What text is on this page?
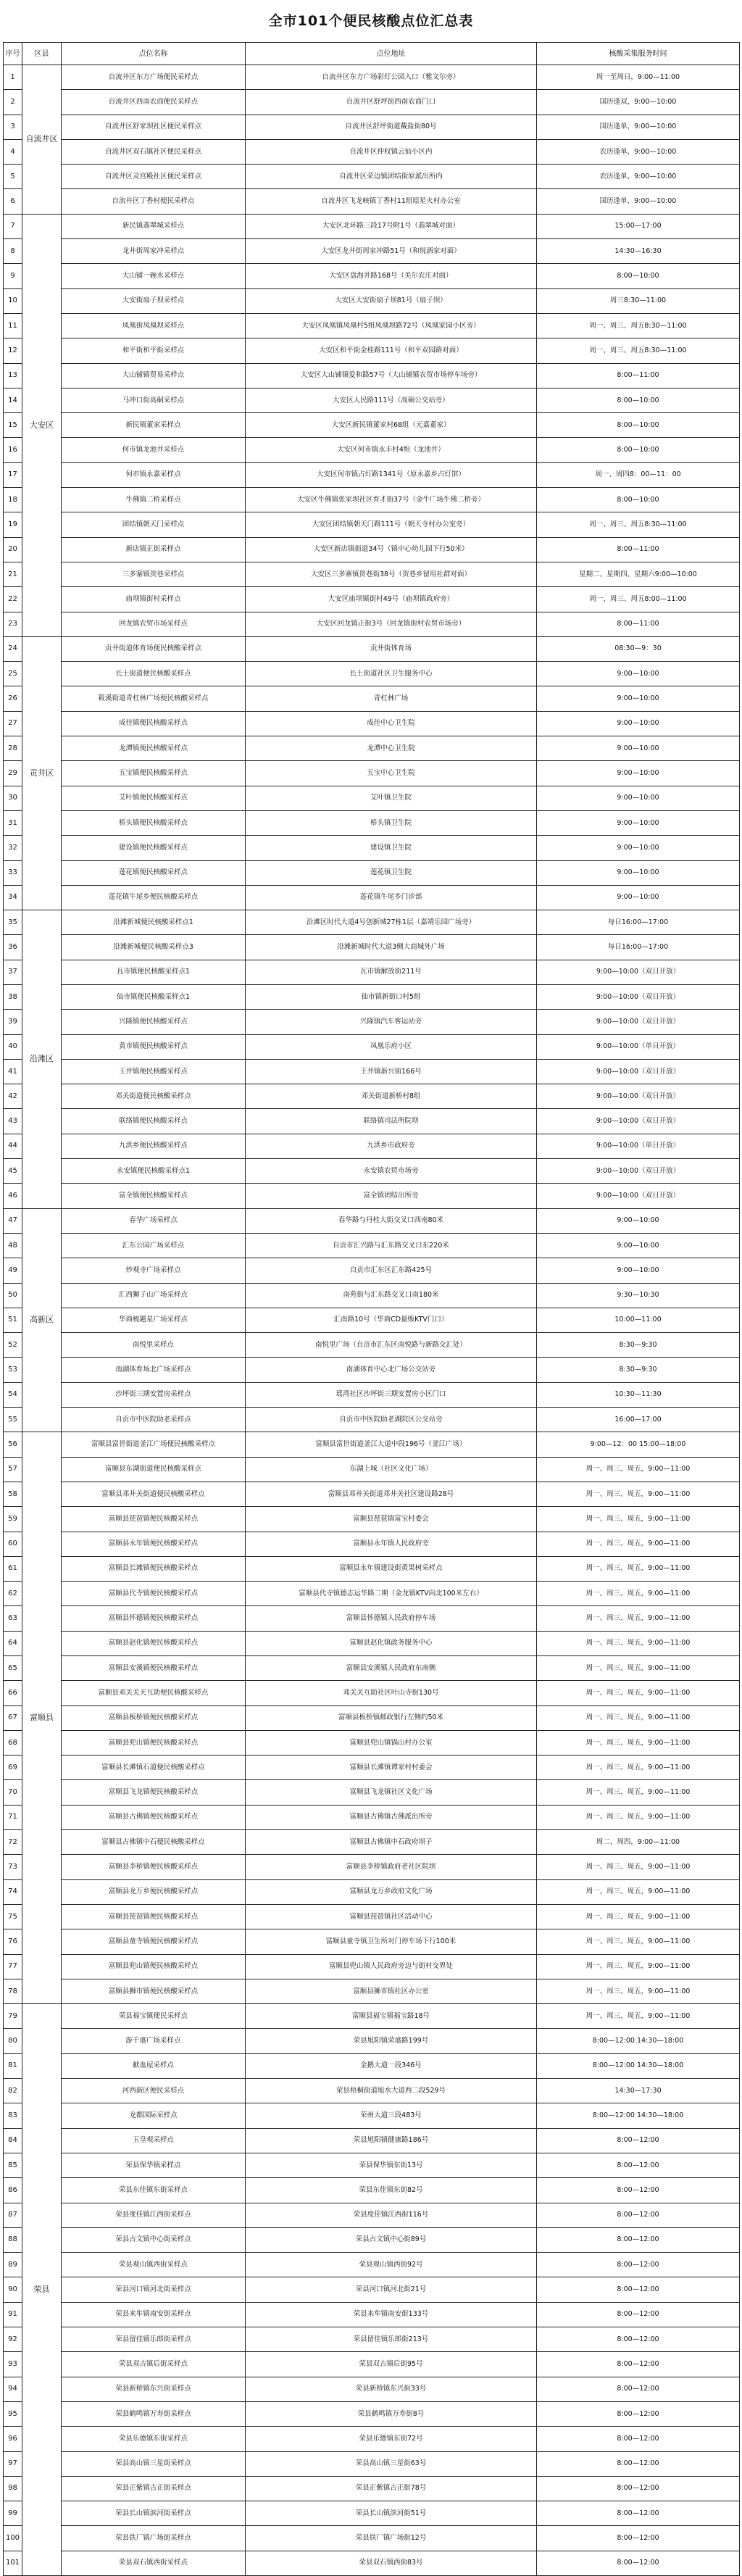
全市101个便民核酸点位汇总表
序号	区县	点位名称	点位地址	核酸采集服务时间
1	自流井区	自流井区东方广场便民采样点	自流井区东方广场彩灯公园入口（雅文尔旁）	周一至周日，9:00—11:00
2		自流井区西南农商便民采样点	自流井区舒坪街西南农商门口	国历逢双，9:00—10:00
3		自流井区舒家坝社区便民采样点	自流井区舒坪街道戴盐街80号	国历逢单，9:00—10:00
4		自流井区双石镇社区便民采样点	自流井区仲权镇云仙小区内	农历逢单，9:00—10:00
5		自流井区灵宫殿社区便民采样点	自流井区荣边镇团结街原派出所内	农历逢单，9:00—10:00
6		自流井区丁香村便民采样点	自流井区飞龙峡镇丁香村11组原星火村办公室	国历逢单，9:00—10:00
7	大安区	新民镇翡翠城采样点	大安区北环路三段17号附1号（翡翠城对面）	15:00—17:00
8		龙井街周家冲采样点	大安区龙井街周家冲路51号（和悦酒家对面）	14:30—16:30
9		大山铺一碗水采样点	大安区盘海井路168号（美尔农庄对面）	8:00—10:00
10		大安街扇子坝采样点	大安区大安街扇子坝81号（扇子坝）	周三8:30—11:00
11		凤凰街凤凰坝采样点	大安区凤凰镇凤凰村5组凤凰坝路72号（凤凰家园小区旁）	周一、周三、周五8:30—11:00
12		和平街和平街采样点	大安区和平街金桂路111号（和平双园路对面）	周一、周三、周五8:30—11:00
13		大山铺镇贸易采样点	大安区大山铺镇爱和路57号（大山铺镇农贸市场停车场旁）	8:00—11:00
14		马冲口街高硐采样点	大安区人民路111号（高硐公交站旁）	8:00—10:00
15		新民镇董家采样点	大安区新民镇董家村68组（元嘉董家）	8:00—10:00
16		何市镇龙池井采样点	大安区何市镇永丰村4组（龙池井）	8:00—10:00
17		何市镇永嘉采样点	大安区何市镇占灯路1341号（原永嘉乡占灯馆）	周一、周四8：00—11：00
18		牛佛镇二桥采样点	大安区牛佛镇张家坝社区育才街37号（金牛广场牛佛二桥旁）	8:00—10:00
19		团结镇朝天门采样点	大安区团结镇朝天门路111号（朝天寺村办公室旁）	周一、周三、周五8:30—11:00
20		新店镇正街采样点	大安区新店镇街道34号（镇中心幼儿园下行50米）	8:00—11:00
21		三多寨镇贺巷采样点	大安区三多寨镇贺巷街38号（贺巷乡留用社群对面）	星期二、星期四、星期六9:00—10:00
22		庙坝镇街村采样点	大安区庙坝镇街村49号（庙坝镇政府旁）	周一、周三、周五8:00—11:00
23		回龙镇农贸市场采样点	大安区回龙镇正街3号（回龙镇街村农贸市场旁）	8:00—11:00
24	贡井区	贡井街道体育场便民核酸采样点	贡井街体育场	08:30—9：30
25		长土街道便民核酸采样点	长土街道社区卫生服务中心	9:00—10:00
26		筱溪街道青杠林广场便民核酸采样点	青杠林广场	9:00—10:00
27		成佳镇便民核酸采样点	成佳中心卫生院	9:00—10:00
28		龙潭镇便民核酸采样点	龙潭中心卫生院	9:00—10:00
29		五宝镇便民核酸采样点	五宝中心卫生院	9:00—10:00
30		艾叶镇便民核酸采样点	艾叶镇卫生院	9:00—10:00
31		桥头镇便民核酸采样点	桥头镇卫生院	9:00—10:00
32		建设镇便民核酸采样点	建设镇卫生院	9:00—10:00
33		莲花镇便民核酸采样点	莲花镇卫生院	9:00—10:00
34		莲花镇牛尾乡便民核酸采样点	莲花镇牛尾乡门诊部	9:00—10:00
35	沿滩区	沿滩新城便民核酸采样点1	沿滩区时代大道4号创新城27栋1层（嘉靖乐园广场旁）	每日16:00—17:00
36		沿滩新城便民核酸采样点3	沿滩新城时代大道3侧大商城外广场	每日16:00—17:00
37		瓦市镇便民核酸采样点1	瓦市镇解放街211号	9:00—10:00（双日开放）
38		仙市镇便民核酸采样点1	仙市镇新街口村5组	9:00—10:00（双日开放）
39		兴隆镇便民核酸采样点	兴隆镇汽车客运站旁	9:00—10:00（双日开放）
40		黄市镇便民核酸采样点	凤凰乐府小区	9:00—10:00（单日开放）
41		王井镇便民核酸采样点	王井镇新兴街166号	9:00—10:00（双日开放）
42		邓关街道便民核酸采样点	邓关街道新桥村8组	9:00—10:00（双日开放）
43		联络镇便民核酸采样点	联络镇司法所院坝	9:00—10:00（双日开放）
44		九洪乡便民核酸采样点	九洪乡市政府旁	9:00—10:00（单日开放）
45		永安镇便民核酸采样点1	永安镇农贸市场旁	9:00—10:00（双日开放）
46		富全镇便民核酸采样点	富全镇团结出所旁	9:00—10:00（双日开放）
47	高新区	春华广场采样点	春华路与丹桂大街交叉口西南80米	9:00—10:00
48		汇东公园广场采样点	自贡市汇兴路与汇东路交叉口东220米	9:00—10:00
49		炒观寺广场采样点	自贡市汇东区汇东路425号	9:00—10:00
50		汇西狮子山广场采样点	南苑街与汇东路交叉口南180米	9:30—10:30
51		华商梳题星广场采样点	汇南路10号（华商CD量贩KTV门口）	10:00—11:00
52		南悦里采样点	南悦里广场（自贡市汇东区南悦路与新路交汇处）	8:30—9:30
53		南湖体育场北广场采样点	南湖体育中心北广场公交站旁	8:30—9:30
54		沙坪街三期安置房采样点	瑶湾社区沙坪街三期安置房小区门口	10:30—11:30
55		自贡市中医院助老采样点	自贡市中医院助老湖院区公交站旁	16:00—17:00
56	富顺县	富顺县富世街道釜江广场便民核酸采样点	富顺县富世街道釜江大道中段196号（釜江广场）	9:00—12：00 15:00—18:00
57		富顺县东湖街道便民核酸采样点	东湖上城（社区文化广场）	周一、周三、周五，9:00—11:00
58		富顺县邓井关街道便民核酸采样点	富顺县邓井关街道邓井关社区建设路28号	周一、周三、周五，9:00—11:00
59		富顺县琵琶镇便民核酸采样点	富顺县琵琶镇富宝村委会	周一、周三、周五，9:00—11:00
60		富顺县永年镇便民核酸采样点	富顺县永年镇人民政府旁	周一、周三、周五，9:00—11:00
61		富顺县长滩镇便民核酸采样点	富顺县永年镇建设街黄果树采样点	周一、周三、周五，9:00—11:00
62		富顺县代寺镇便民核酸采样点	富顺县代寺镇德志运华路二期（金龙镇KTV向北100米左右）	周一、周三、周五，9:00—11:00
63		富顺县怀德镇便民核酸采样点	富顺县怀德镇人民政府停车场	周一、周三、周五，9:00—11:00
64		富顺县赵化镇便民核酸采样点	富顺县赵化镇政务服务中心	周一、周三、周五，9:00—11:00
65		富顺县安溪镇便民核酸采样点	富顺县安溪镇人民政府东南侧	周一、周三、周五，9:00—11:00
66		富顺县邓关关天互助便民核酸采样点	邓关关互助社区叶山寺街130号	周一、周三、周五，9:00—11:00
67		富顺县板桥镇便民核酸采样点	富顺县板桥镇邮政银行左侧约50米	周一、周三、周五，9:00—11:00
68		富顺县兜山镇便民核酸采样点	富顺县兜山镇锅山村办公室	周一、周三、周五，9:00—11:00
69		富顺县长滩镇石道便民核酸采样点	富顺县长滩镇谭家村村委会	周一、周三、周五，9:00—11:00
70		富顺县飞龙镇便民核酸采样点	富顺县飞龙镇社区文化广场	周一、周三、周五，9:00—11:00
71		富顺县古佛镇便民核酸采样点	富顺县古佛镇古佛派出所旁	周一、周三、周五，9:00—11:00
72		富顺县古佛镇中石便民核酸采样点	富顺县古佛镇中石政府坝子	周二、周四，9:00—11:00
73		富顺县李桥镇便民核酸采样点	富顺县李桥镇政府老社区院坝	周一、周三、周五，9:00—11:00
74		富顺县龙万乡便民核酸采样点	富顺县龙万乡政府文化广场	周一、周三、周五，9:00—11:00
75		富顺县琵琶镇便民核酸采样点	富顺县琵琶镇社区活动中心	周一、周三、周五，9:00—11:00
76		富顺县童寺镇便民核酸采样点	富顺县童寺镇卫生所对门停车场下行100米	周一、周三、周五，9:00—11:00
77		富顺县兜山镇便民核酸采样点	富顺县兜山镇人民政府旁边与街村交界处	周一、周三、周五，9:00—11:00
78		富顺县狮市镇便民核酸采样点	富顺县狮市镇社区办公室	周一、周三、周五，9:00—11:00
79	荣县	荣县福宝镇便民采样点	富顺县福宝镇福宝路18号	周一、周三、周五，9:00—11:00
80		游千盛广场采样点	荣县旭阳镇荣盛路199号	8:00—12:00 14:30—18:00
81		献血屋采样点	金鹅大道一段346号	8:00—12:00 14:30—18:00
82		河西新区便民采样点	荣县梧桐街道旭水大道西二段529号	14:30—17:30
83		龙都国际采样点	荣州大道三段483号	8:00—12:00 14:30—18:00
84		玉皇观采样点	荣县旭阳镇健康路186号	8:00—12:00
85		荣县保华镇采样点	荣县保华镇东街13号	8:00—12:00
86		荣县东佳镇东街采样点	荣县东佳镇东街82号	8:00—12:00
87		荣县度佳镇江西街采样点	荣县度佳镇江西街116号	8:00—12:00
88		荣县古文镇中心街采样点	荣县古文镇中心街89号	8:00—12:00
89		荣县观山镇西街采样点	荣县观山镇西街92号	8:00—12:00
90		荣县河口镇河北街采样点	荣县河口镇河北街21号	8:00—12:00
91		荣县来牟镇南安街采样点	荣县来牟镇南安街133号	8:00—12:00
92		荣县留佳镇乐郎街采样点	荣县留佳镇乐郎街213号	8:00—12:00
93		荣县双古镇后街采样点	荣县双古镇后街95号	8:00—12:00
94		荣县新桥镇东兴街采样点	荣县新桥镇东兴街33号	8:00—12:00
95		荣县鹤鸣镇万寿街采样点	荣县鹤鸣镇万寿街8号	8:00—12:00
96		荣县乐德镇东街采样点	荣县乐德镇东街72号	8:00—12:00
97		荣县高山镇三星街采样点	荣县高山镇三星街63号	8:00—12:00
98		荣县正紫镇古正街采样点	荣县正紫镇古正街78号	8:00—12:00
99		荣县长山镇滨河街采样点	荣县长山镇滨河街51号	8:00—12:00
100		荣县铁厂镇广场街采样点	荣县铁厂镇广场街12号	8:00—12:00
101		荣县双石镇西街采样点	荣县双石镇西街83号	8:00—12:00
